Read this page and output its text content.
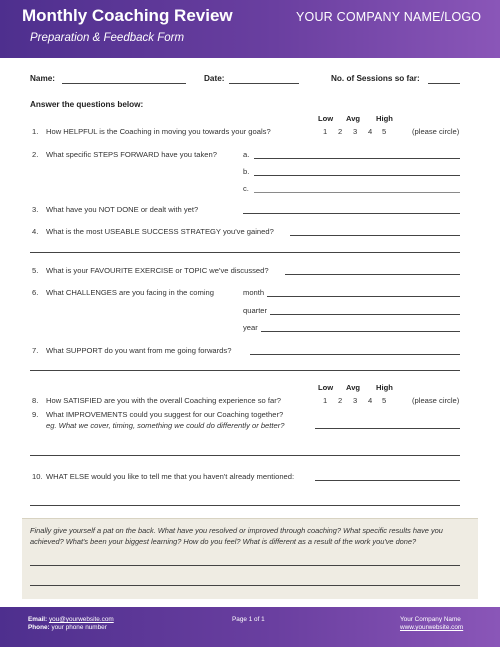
Monthly Coaching Review
Preparation & Feedback Form
YOUR COMPANY NAME/LOGO
Name:	Date:	No. of Sessions so far:
Answer the questions below:
Low Avg High
1. How HELPFUL is the Coaching in moving you towards your goals?	1 2 3 4 5	(please circle)
2. What specific STEPS FORWARD have you taken?	a.
b.
c.
3. What have you NOT DONE or dealt with yet?
4. What is the most USEABLE SUCCESS STRATEGY you've gained?
5. What is your FAVOURITE EXERCISE or TOPIC we've discussed?
6. What CHALLENGES are you facing in the coming	month
quarter
year
7. What SUPPORT do you want from me going forwards?
Low Avg High
8. How SATISFIED are you with the overall Coaching experience so far?	1 2 3 4 5	(please circle)
9. What IMPROVEMENTS could you suggest for our Coaching together?
eg. What we cover, timing, something we could do differently or better?
10. WHAT ELSE would you like to tell me that you haven't already mentioned:
Finally give yourself a pat on the back. What have you resolved or improved through coaching? What specific results have you achieved? What's been your biggest learning? How do you feel? What is different as a result of the work you've done?
Email: you@yourwebsite.com
Phone: your phone number
Page 1 of 1	Your Company Name
www.yourwebsite.com
